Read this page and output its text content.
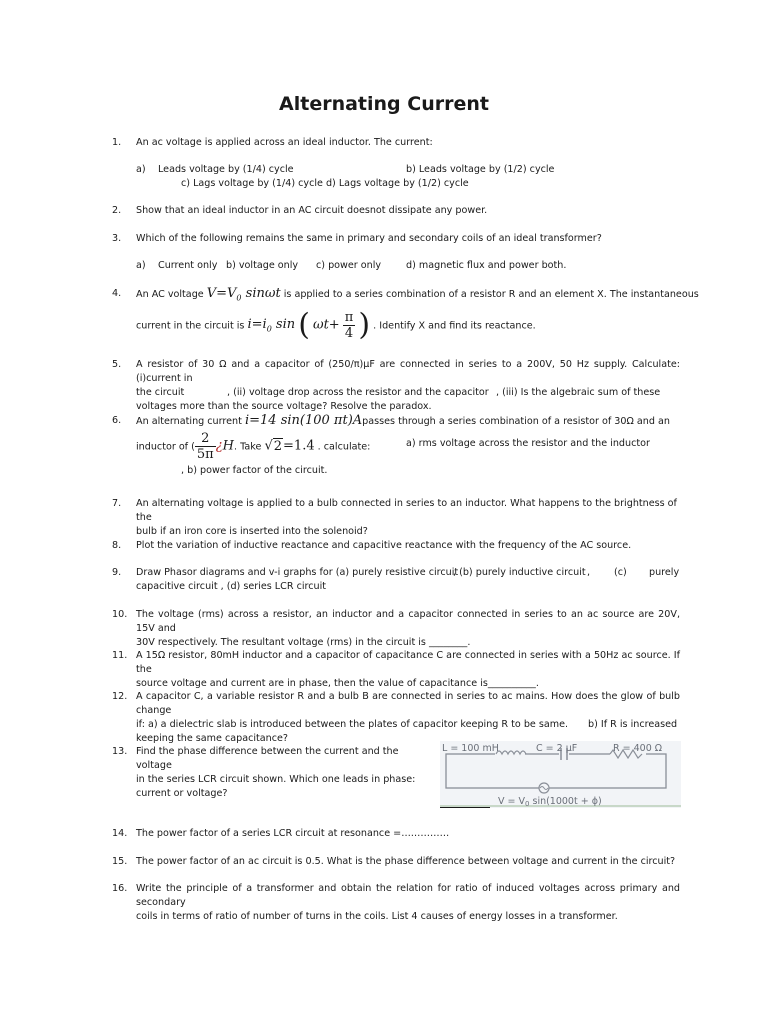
Alternating Current
1.	An ac voltage is applied across an ideal inductor. The current:
a) Leads voltage by (1/4) cycle	b) Leads voltage by (1/2) cycle
c) Lags voltage by (1/4) cycle d) Lags voltage by (1/2) cycle
2.	Show that an ideal inductor in an AC circuit doesnot dissipate any power.
3.	Which of the following remains the same in primary and secondary coils of an ideal transformer?
a) Current only b) voltage only c) power only	d) magnetic flux and power both.
4.	An AC voltage $V=V_0$ sinωt is applied to a series combination of a resistor R and an element X. The instantaneous
current in the circuit is $i=i_0$ sin ( $\omega t+ \frac{\pi}{4}$ ) . Identify X and find its reactance.
5.	A resistor of 30 Ω and a capacitor of (250/π)μF are connected in series to a 200V, 50 Hz supply. Calculate: (i)current in
the circuit	, (ii) voltage drop across the resistor and the capacitor , (iii) Is the algebraic sum of these
voltages more than the source voltage? Resolve the paradox.
6.	An alternating current i=14 sin(100 πt)Apasses through a series combination of a resistor of 30Ω and an
inductor of ( $\frac{2}{5\pi}$ ¿H. Take √2=1.4 . calculate:	a) rms voltage across the resistor and the inductor
, b) power factor of the circuit.
7.	An alternating voltage is applied to a bulb connected in series to an inductor. What happens to the brightness of the
bulb if an iron core is inserted into the solenoid?
8.	Plot the variation of inductive reactance and capacitive reactance with the frequency of the AC source.
9.	Draw Phasor diagrams and v-i graphs for (a) purely resistive circuit
, (b) purely inductive circuit , (c) purely
capacitive circuit , (d) series LCR circuit
10. The voltage (rms) across a resistor, an inductor and a capacitor connected in series to an ac source are 20V, 15V and
30V respectively. The resultant voltage (rms) in the circuit is ________.
11. A 15Ω resistor, 80mH inductor and a capacitor of capacitance C are connected in series with a 50Hz ac source. If the
source voltage and current are in phase, then the value of capacitance is__________.
12. A capacitor C, a variable resistor R and a bulb B are connected in series to ac mains. How does the glow of bulb change
if: a) a dielectric slab is introduced between the plates of capacitor keeping R to be same. b) If R is increased
keeping the same capacitance?
13. Find the phase difference between the current and the voltage
in the series LCR circuit shown. Which one leads in phase:
current or voltage?
L = 100 mH	C = 2 μF	R = 400 Ω
$V = V_0$ sin(1000t + ϕ)
14. The power factor of a series LCR circuit at resonance =……………
15. The power factor of an ac circuit is 0.5. What is the phase difference between voltage and current in the circuit?
16. Write the principle of a transformer and obtain the relation for ratio of induced voltages across primary and secondary
coils in terms of ratio of number of turns in the coils. List 4 causes of energy losses in a transformer.
